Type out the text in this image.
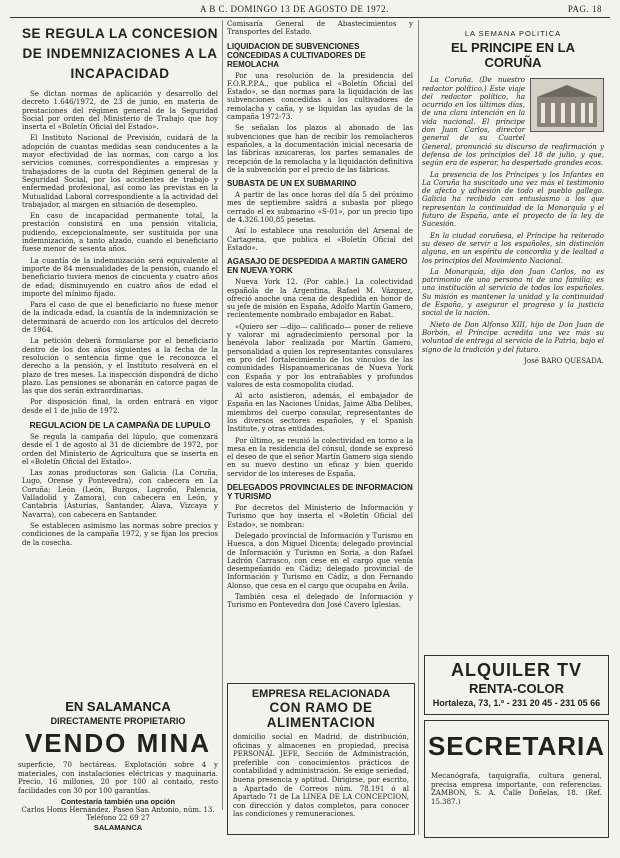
A B C. DOMINGO 13 DE AGOSTO DE 1972.	PAG. 18
SE REGULA LA CONCESION DE INDEMNIZACIONES A LA INCAPACIDAD

Se dictan normas de aplicación y desarrollo del decreto 1.646/1972, de 23 de junio, en materia de prestaciones del régimen general de la Seguridad Social por orden del Ministerio de Trabajo que hoy inserta el «Boletín Oficial del Estado».

El Instituto Nacional de Previsión, cuidará de la adopción de cuantas medidas sean conducentes a la mayor efectividad de las normas, con cargo a los servicios comunes, correspondientes a empresas y trabajadores de la cuota del Régimen general de la Seguridad Social, por los accidentes de trabajo y enfermedad profesional, así como las previstas en la Mutualidad Laboral correspondiente a la actividad del trabajador, al margen en situación de desempleo.

En caso de incapacidad permanente total, la prestación consistirá en una pensión vitalicia, pudiendo, excepcionalmente, ser sustituida por una indemnización, a tanto alzado, cuando el beneficiario fuese menor de sesenta años.

La cuantía de la indemnización será equivalente al importe de 84 mensualidades de la pensión, cuando el beneficiario tuviera menos de cincuenta y cuatro años de edad; disminuyendo en cuatro años de edad el importe del mínimo fijado.

Para el caso de que el beneficiario no fuese menor de la indicada edad, la cuantía de la indemnización se determinará de acuerdo con los artículos del decreto de 1964.

La petición deberá formularse por el beneficiario dentro de los dos años siguientes a la fecha de la resolución o sentencia firme que le reconozca el derecho a la pensión, y el Instituto resolverá en el plazo de tres meses. La inspección dispondrá de dicho plazo. Las pensiones se abonarán en catorce pagas de las que dos serán extraordinarias.

Por disposición final, la orden entrará en vigor desde el 1 de julio de 1972.

REGULACION DE LA CAMPAÑA DE LUPULO

Se regula la campaña del lúpulo, que comenzará desde el 1 de agosto al 31 de diciembre de 1972, por orden del Ministerio de Agricultura que se inserta en el «Boletín Oficial del Estado».

Las zonas productoras son Galicia (La Coruña, Lugo, Orense y Pontevedra), con cabecera en La Coruña; León (León, Burgos, Logroño, Palencia, Valladolid y Zamora), con cabecera en León, y Cantabria (Asturias, Santander, Álava, Vizcaya y Navarra), con cabecera en Santander.

Se establecen asimismo las normas sobre precios y condiciones de la campaña 1972, y se fijan los precios de la cosecha.

Comisaría General de Abastecimientos y Transportes del Estado.

LIQUIDACION DE SUBVENCIONES CONCEDIDAS A CULTIVADORES DE REMOLACHA

Por una resolución de la presidencia del F.O.R.P.P.A., que publica el «Boletín Oficial del Estado», se dan normas para la liquidación de las subvenciones concedidas a los cultivadores de remolacha y caña, y se liquidan las ayudas de la campaña 1972-73.

Se señalan los plazos al abonado de las subvenciones que han de recibir los remolacheros españoles, a la documentación inicial necesaria de las fábricas azucareras, los partes semanales de recepción de la remolacha y la liquidación definitiva de la subvención por el precio de las fábricas.

SUBASTA DE UN EX SUBMARINO

A partir de las once horas del día 5 del próximo mes de septiembre saldrá a subasta por pliego cerrado el ex submarino «S-01», por un precio tipo de 4.326.100,85 pesetas.

Así lo establece una resolución del Arsenal de Cartagena, que publica el «Boletín Oficial del Estado».

AGASAJO DE DESPEDIDA A MARTIN GAMERO EN NUEVA YORK

Nueva York 12. (Por cable.) La colectividad española de la Argentina, Rafael M. Vázquez, ofreció anoche una cena de despedida en honor de su jefe de misión en España, Adolfo Martín Gamero, recientemente nombrado embajador en Rabat.

«Quiero ser —dijo— calificado— poner de relieve y valorar mi agradecimiento personal por la benévola labor realizada por Martín Gamero, personalidad a quien los representantes consulares en pro del fortalecimiento de los vínculos de las comunidades Hispanoamericanas de Nueva York con España y por los entrañables y profundos valores de esta cosmopolita ciudad.

Al acto asistieron, además, el embajador de España en las Naciones Unidas, Jaime Alba Delibes, miembros del cuerpo consular, representantes de los diversos sectores españoles, y el Spanish Institute, y otras entidades.

Por último, se reunió la colectividad en torno a la mesa en la residencia del cónsul, donde se expresó el deseo de que el señor Martín Gamero siga siendo en su nuevo destino un eficaz y bien querido servidor de los intereses de España.

DELEGADOS PROVINCIALES DE INFORMACION Y TURISMO

Por decretos del Ministerio de Información y Turismo que hoy inserta el «Boletín Oficial del Estado», se nombran:

Delegado provincial de Información y Turismo en Huesca, a don Miguel Dicenta; delegado provincial de Información y Turismo en Soria, a don Rafael Ladrón Carrasco, con cese en el cargo que venía desempeñando en Cádiz; delegado provincial de Información y Turismo en Cádiz, a don Fernando Alonso, que cesa en el cargo que ocupaba en Ávila.

También cesa el delegado de Información y Turismo en Pontevedra don José Cavero Iglesias.

LA SEMANA POLITICA
EL PRINCIPE EN LA CORUÑA

La Coruña. (De nuestro redactor político.) Este viaje del redactor político, ha ocurrido en los últimos días, de una clara intención en la vida nacional. El príncipe don Juan Carlos, director general de su Cuartel General, pronunció su discurso de reafirmación y defensa de los principios del 18 de julio, y que, según era de esperar, ha despertado grandes ecos.

La presencia de los Príncipes y los Infantes en La Coruña ha suscitado una vez más el testimonio de afecto y adhesión de todo el pueblo gallego. Galicia ha recibido con entusiasmo a los que representan la continuidad de la Monarquía y el futuro de España, ante el proyecto de la ley de Sucesión.

En la ciudad coruñesa, el Príncipe ha reiterado su deseo de servir a los españoles, sin distinción alguna, en un espíritu de concordia y de lealtad a los principios del Movimiento Nacional.

La Monarquía, dijo don Juan Carlos, no es patrimonio de una persona ni de una familia; es una institución al servicio de todos los españoles. Su misión es mantener la unidad y la continuidad de España, y asegurar el progreso y la justicia social de la nación.

Nieto de Don Alfonso XIII, hijo de Don Juan de Borbón, el Príncipe acredita una vez más su voluntad de entrega al servicio de la Patria, bajo el signo de la tradición y del futuro.

José BARO QUESADA.
EN SALAMANCA
DIRECTAMENTE PROPIETARIO
VENDO MINA
superficie, 70 hectáreas. Explotación sobre 4 y materiales, con instalaciones eléctricas y maquinaria. Precio, 16 millones, 20 por 100 al contado, resto facilidades con 30 por 100 garantías.
Contestaría también una opción
Carlos Homs Hernández. Paseo San Antonio, núm. 13. Teléfono 22 69 27
SALAMANCA
EMPRESA RELACIONADA
CON RAMO DE ALIMENTACION
domicilio social en Madrid, de distribución, oficinas y almacenes en propiedad, precisa PERSONAL JEFE, Sección de Administración, preferible con conocimientos prácticos de contabilidad y administración. Se exige seriedad, buena presencia y aptitud. Dirigirse, por escrito, a Apartado de Correos núm. 78.191 ó al Apartado 71 de La LINEA DE LA CONCEPCION, con dirección y datos completos, para conocer las condiciones y remuneraciones.
ALQUILER TV
RENTA-COLOR
Hortaleza, 73, 1.º - 231 20 45 - 231 05 66
SECRETARIA
Mecanógrafa, taquigrafía, cultura general, precisa empresa importante, con referencias. ZAMBON, S. A. Calle Doñelas, 18. (Ref. 15.387.)
